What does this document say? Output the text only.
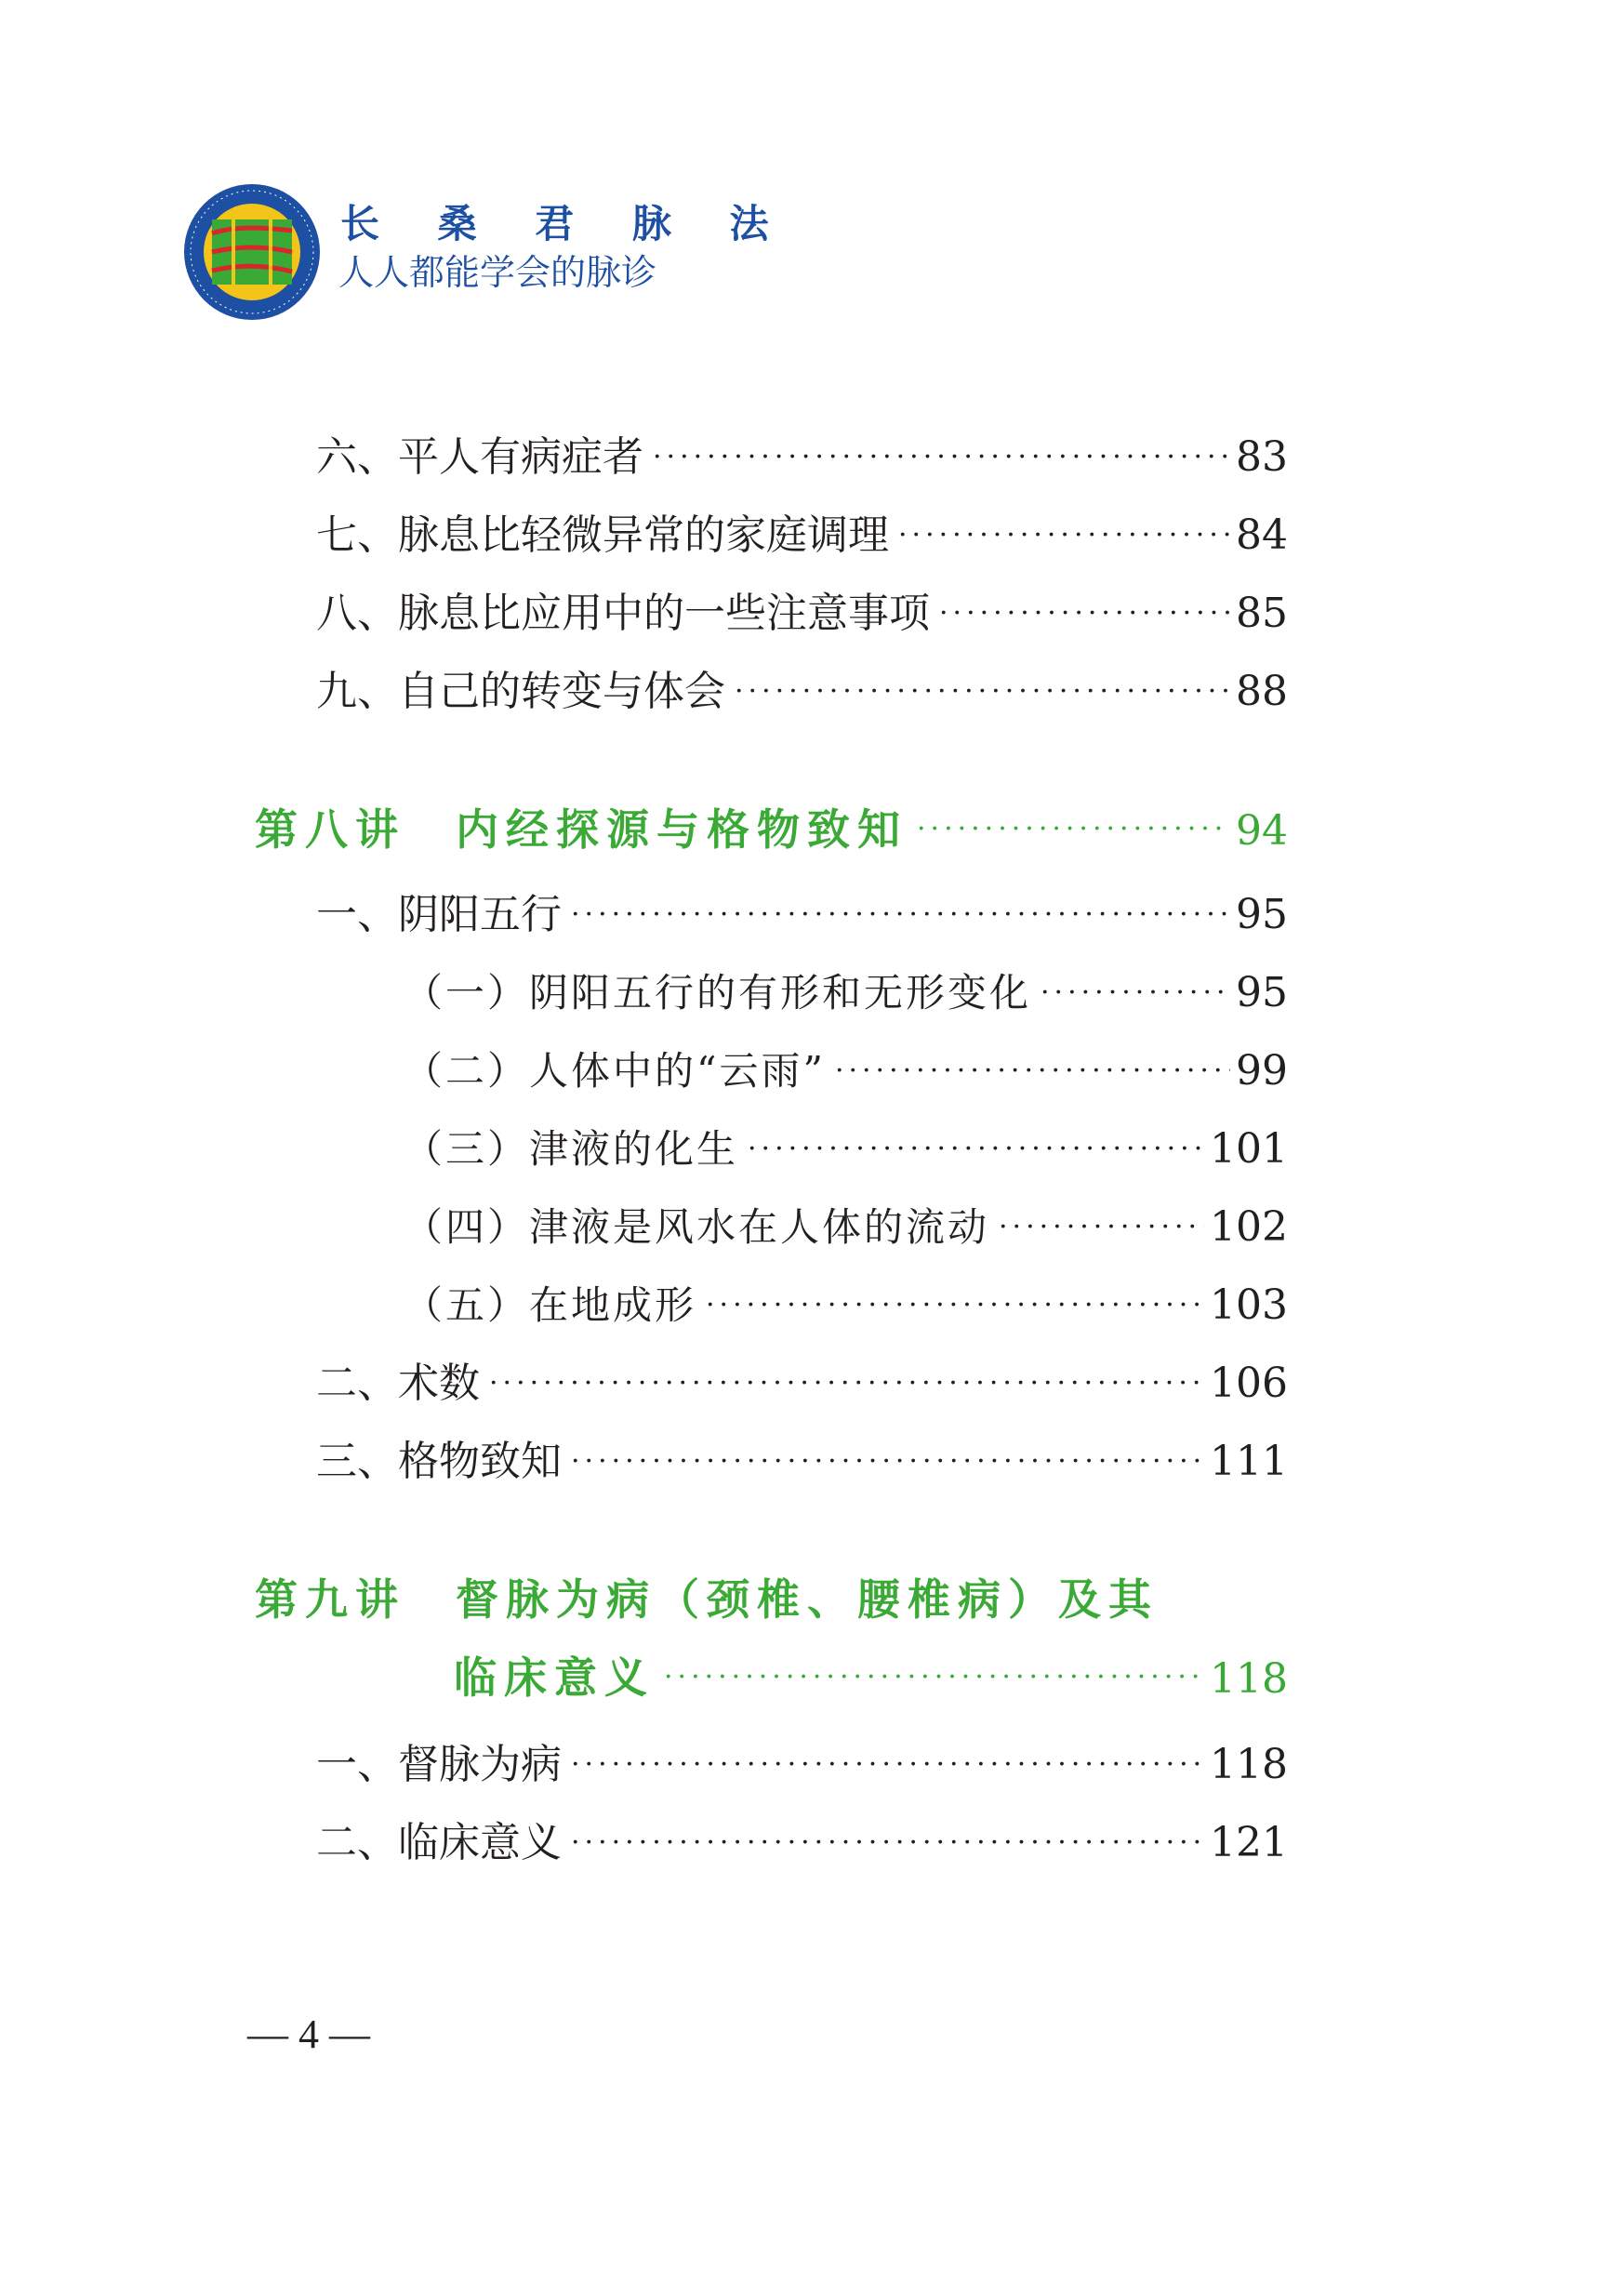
长 桑 君 脉 法
人人都能学会的脉诊
六、平人有病症者 ·····	83
七、脉息比轻微异常的家庭调理 ·····	84
八、脉息比应用中的一些注意事项 ·····	85
九、自己的转变与体会 ·····	88
第八讲　内经探源与格物致知 ·····	94
一、阴阳五行 ·····	95
（一）阴阳五行的有形和无形变化 ·····	95
（二）人体中的“云雨” ·····	99
（三）津液的化生 ·····	101
（四）津液是风水在人体的流动 ·····	102
（五）在地成形 ·····	103
二、术数 ·····	106
三、格物致知 ·····	111
第九讲　督脉为病（颈椎、腰椎病）及其
临床意义 ·····	118
一、督脉为病 ·····	118
二、临床意义 ·····	121
— 4 —
